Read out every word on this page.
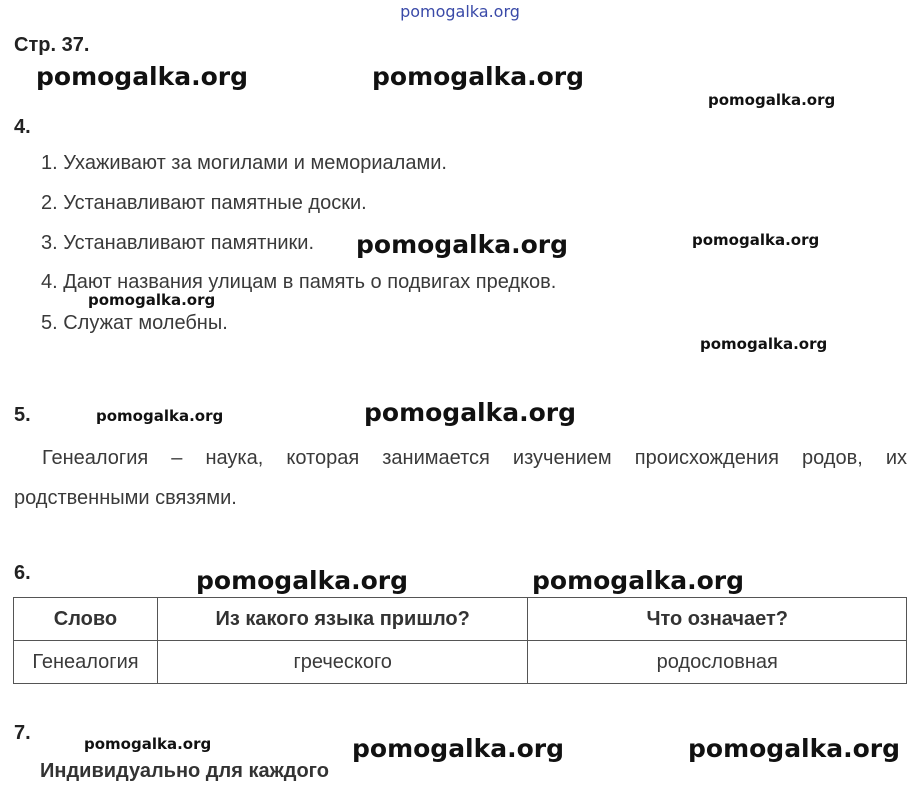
pomogalka.org
Стр. 37.
pomogalka.org	pomogalka.org
pomogalka.org
pomogalka.org	pomogalka.org
pomogalka.org
pomogalka.org
pomogalka.org	pomogalka.org
pomogalka.org	pomogalka.org
pomogalka.org	pomogalka.org	pomogalka.org
4.
1. Ухаживают за могилами и мемориалами.
2. Устанавливают памятные доски.
3. Устанавливают памятники.
4. Дают названия улицам в память о подвигах предков.
5. Служат молебны.
5.
Генеалогия – наука, которая занимается изучением происхождения родов, их родственными связями.
6.
Слово	Из какого языка пришло?	Что означает?
Генеалогия	греческого	родословная
7.
Индивидуально для каждого
